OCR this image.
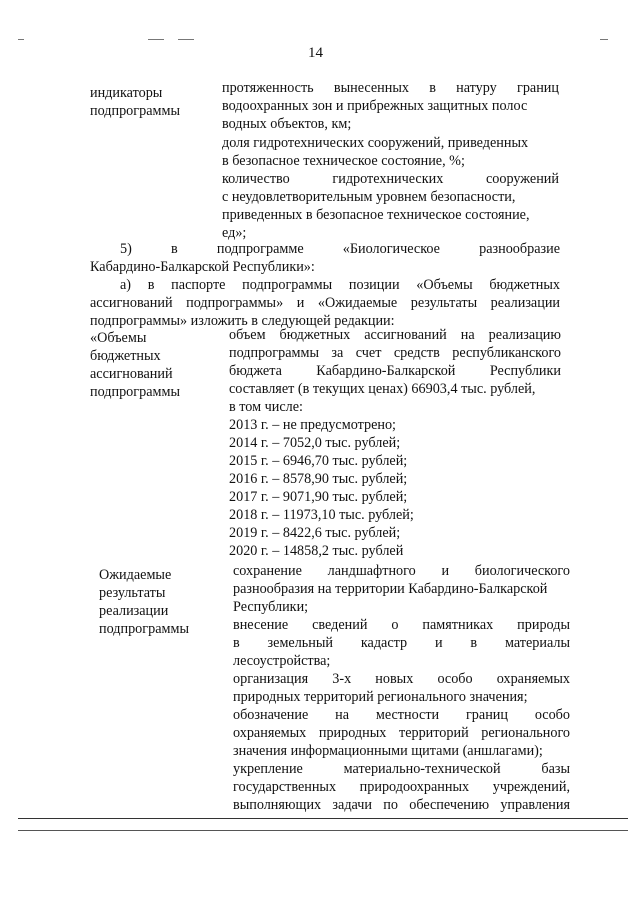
14
индикаторы
подпрограммы
протяженность вынесенных в натуру границ
водоохранных зон и прибрежных защитных полос
водных объектов, км;
доля гидротехнических сооружений, приведенных
в безопасное техническое состояние, %;
количество гидротехнических сооружений
с неудовлетворительным уровнем безопасности,
приведенных в безопасное техническое состояние,
ед»;
5) в подпрограмме «Биологическое разнообразие
Кабардино-Балкарской Республики»:
а) в паспорте подпрограммы позиции «Объемы бюджетных
ассигнований подпрограммы» и «Ожидаемые результаты реализации
подпрограммы» изложить в следующей редакции:
«Объемы
бюджетных
ассигнований
подпрограммы
объем бюджетных ассигнований на реализацию
подпрограммы за счет средств республиканского
бюджета Кабардино-Балкарской Республики
составляет (в текущих ценах) 66903,4 тыс. рублей,
в том числе:
2013 г. – не предусмотрено;
2014 г. – 7052,0 тыс. рублей;
2015 г. – 6946,70 тыс. рублей;
2016 г. – 8578,90 тыс. рублей;
2017 г. – 9071,90 тыс. рублей;
2018 г. – 11973,10 тыс. рублей;
2019 г. – 8422,6 тыс. рублей;
2020 г. – 14858,2 тыс. рублей
Ожидаемые
результаты
реализации
подпрограммы
сохранение ландшафтного и биологического
разнообразия на территории Кабардино-Балкарской
Республики;
внесение сведений о памятниках природы
в земельный кадастр и в материалы
лесоустройства;
организация 3-х новых особо охраняемых
природных территорий регионального значения;
обозначение на местности границ особо
охраняемых природных территорий регионального
значения информационными щитами (аншлагами);
укрепление материально-технической базы
государственных природоохранных учреждений,
выполняющих задачи по обеспечению управления
